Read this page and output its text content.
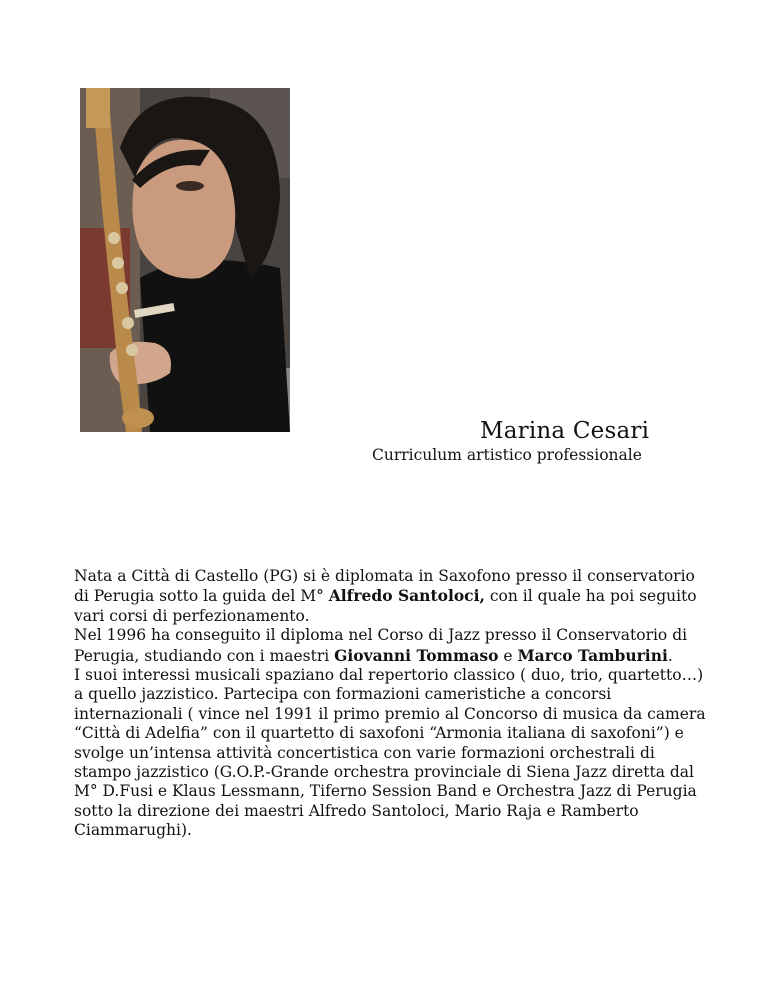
Marina Cesari

Curriculum artistico professionale

Nata a Città di Castello (PG) si è diplomata in Saxofono presso il conservatorio di Perugia sotto la guida del M° Alfredo Santoloci, con il quale ha poi seguito vari corsi di perfezionamento.

Nel 1996 ha conseguito il diploma nel Corso di Jazz presso il Conservatorio di Perugia, studiando con i maestri Giovanni Tommaso e Marco Tamburini.

I suoi interessi musicali spaziano dal repertorio classico ( duo, trio, quartetto…) a quello jazzistico. Partecipa con formazioni cameristiche a concorsi internazionali ( vince nel 1991 il primo premio al Concorso di musica da camera “Città di Adelfia” con il quartetto di saxofoni “Armonia italiana di saxofoni”) e svolge un’intensa attività concertistica con varie formazioni orchestrali di stampo jazzistico (G.O.P.-Grande orchestra provinciale di Siena Jazz diretta dal M° D.Fusi e Klaus Lessmann, Tiferno Session Band e Orchestra Jazz di Perugia sotto la direzione dei maestri Alfredo Santoloci, Mario Raja e Ramberto Ciammarughi).
